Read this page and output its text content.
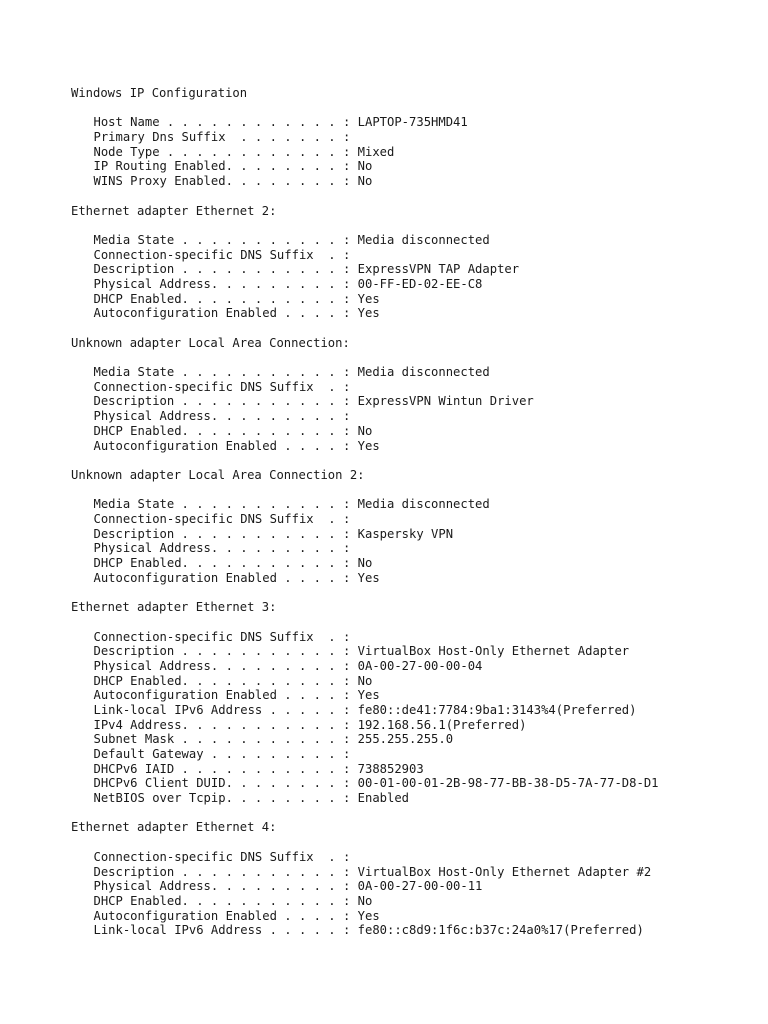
Windows IP Configuration
Host Name . . . . . . . . . . . . : LAPTOP-735HMD41
Primary Dns Suffix  . . . . . . . :
Node Type . . . . . . . . . . . . : Mixed
IP Routing Enabled. . . . . . . . : No
WINS Proxy Enabled. . . . . . . . : No
Ethernet adapter Ethernet 2:
Media State . . . . . . . . . . . : Media disconnected
Connection-specific DNS Suffix  . :
Description . . . . . . . . . . . : ExpressVPN TAP Adapter
Physical Address. . . . . . . . . : 00-FF-ED-02-EE-C8
DHCP Enabled. . . . . . . . . . . : Yes
Autoconfiguration Enabled . . . . : Yes
Unknown adapter Local Area Connection:
Media State . . . . . . . . . . . : Media disconnected
Connection-specific DNS Suffix  . :
Description . . . . . . . . . . . : ExpressVPN Wintun Driver
Physical Address. . . . . . . . . :
DHCP Enabled. . . . . . . . . . . : No
Autoconfiguration Enabled . . . . : Yes
Unknown adapter Local Area Connection 2:
Media State . . . . . . . . . . . : Media disconnected
Connection-specific DNS Suffix  . :
Description . . . . . . . . . . . : Kaspersky VPN
Physical Address. . . . . . . . . :
DHCP Enabled. . . . . . . . . . . : No
Autoconfiguration Enabled . . . . : Yes
Ethernet adapter Ethernet 3:
Connection-specific DNS Suffix  . :
Description . . . . . . . . . . . : VirtualBox Host-Only Ethernet Adapter
Physical Address. . . . . . . . . : 0A-00-27-00-00-04
DHCP Enabled. . . . . . . . . . . : No
Autoconfiguration Enabled . . . . : Yes
Link-local IPv6 Address . . . . . : fe80::de41:7784:9ba1:3143%4(Preferred)
IPv4 Address. . . . . . . . . . . : 192.168.56.1(Preferred)
Subnet Mask . . . . . . . . . . . : 255.255.255.0
Default Gateway . . . . . . . . . :
DHCPv6 IAID . . . . . . . . . . . : 738852903
DHCPv6 Client DUID. . . . . . . . : 00-01-00-01-2B-98-77-BB-38-D5-7A-77-D8-D1
NetBIOS over Tcpip. . . . . . . . : Enabled
Ethernet adapter Ethernet 4:
Connection-specific DNS Suffix  . :
Description . . . . . . . . . . . : VirtualBox Host-Only Ethernet Adapter #2
Physical Address. . . . . . . . . : 0A-00-27-00-00-11
DHCP Enabled. . . . . . . . . . . : No
Autoconfiguration Enabled . . . . : Yes
Link-local IPv6 Address . . . . . : fe80::c8d9:1f6c:b37c:24a0%17(Preferred)
